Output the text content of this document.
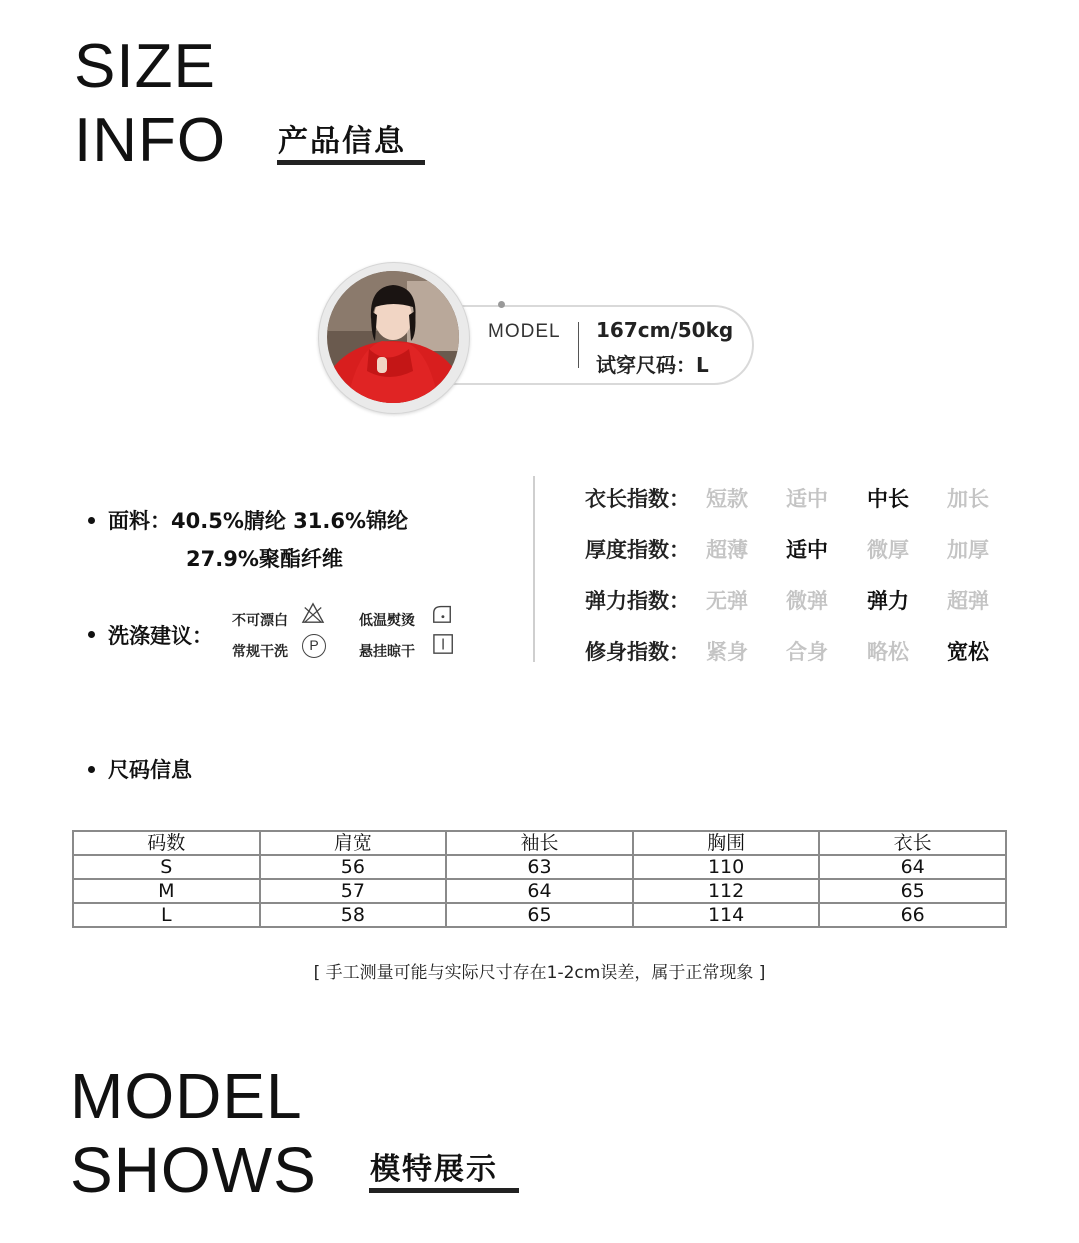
SIZE
INFO 产品信息
MODEL 167cm/50kg
试穿尺码：L
面料：40.5%腈纶 31.6%锦纶
27.9%聚酯纤维
洗涤建议：
不可漂白	低温熨烫
常规干洗	P	悬挂晾干
衣长指数： 短款 适中 中长 加长
厚度指数： 超薄 适中 微厚 加厚
弹力指数： 无弹 微弹 弹力 超弹
修身指数： 紧身 合身 略松 宽松
尺码信息
码数	肩宽	袖长	胸围	衣长
S	56	63	110	64
M	57	64	112	65
L	58	65	114	66
[ 手工测量可能与实际尺寸存在1-2cm误差，属于正常现象 ]
MODEL
SHOWS 模特展示
